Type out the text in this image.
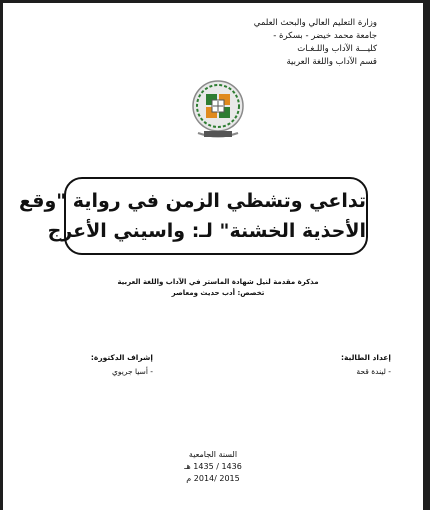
وزارة التعليم العالي والبحث العلمي
جامعة محمد خيضر - بسكرة -
كليـــة الآداب واللـغـات
قسم الآداب واللغة العربية
تداعي وتشظي الزمن في رواية "وقع
الأحذية الخشنة" لـ: واسيني الأعرج
مذكرة مقدمة لنيل شهادة الماستر في الآداب واللغة العربية
تخصص: أدب حديث ومعاصر
إعداد الطالبة:
- ليندة قحة
إشراف الدكتورة:
- أسيا جريوي
السنة الجامعية
1436 / 1435 هـ
2015 /2014 م
